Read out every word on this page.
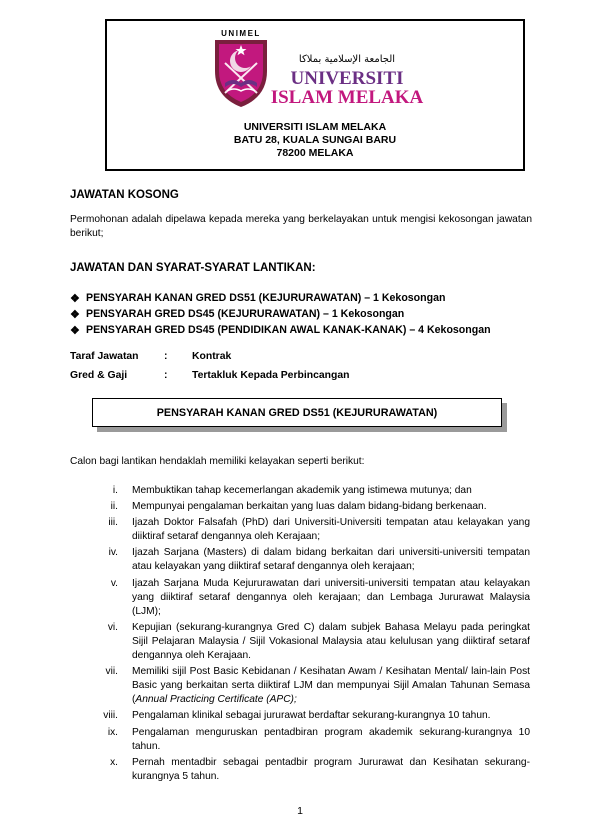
UNIMEL
الجامعة الإسلامية بملاكا
UNIVERSITI
ISLAM MELAKA
UNIVERSITI ISLAM MELAKA
BATU 28, KUALA SUNGAI BARU
78200 MELAKA
JAWATAN KOSONG
Permohonan adalah dipelawa kepada mereka yang berkelayakan untuk mengisi kekosongan jawatan berikut;
JAWATAN DAN SYARAT-SYARAT LANTIKAN:
❖ PENSYARAH KANAN GRED DS51 (KEJURURAWATAN) – 1 Kekosongan
❖ PENSYARAH GRED DS45 (KEJURURAWATAN) – 1 Kekosongan
❖ PENSYARAH GRED DS45 (PENDIDIKAN AWAL KANAK-KANAK) – 4 Kekosongan
Taraf Jawatan : Kontrak
Gred & Gaji	: Tertakluk Kepada Perbincangan
PENSYARAH KANAN GRED DS51 (KEJURURAWATAN)
Calon bagi lantikan hendaklah memiliki kelayakan seperti berikut:
i.	Membuktikan tahap kecemerlangan akademik yang istimewa mutunya; dan
ii.	Mempunyai pengalaman berkaitan yang luas dalam bidang-bidang berkenaan.
iii.	Ijazah Doktor Falsafah (PhD) dari Universiti-Universiti tempatan atau kelayakan yang diiktiraf setaraf dengannya oleh Kerajaan;
iv.	Ijazah Sarjana (Masters) di dalam bidang berkaitan dari universiti-universiti tempatan atau kelayakan yang diiktiraf setaraf dengannya oleh kerajaan;
v.	Ijazah Sarjana Muda Kejururawatan dari universiti-universiti tempatan atau kelayakan yang diiktiraf setaraf dengannya oleh kerajaan; dan Lembaga Jururawat Malaysia (LJM);
vi.	Kepujian (sekurang-kurangnya Gred C) dalam subjek Bahasa Melayu pada peringkat Sijil Pelajaran Malaysia / Sijil Vokasional Malaysia atau kelulusan yang diiktiraf setaraf dengannya oleh Kerajaan.
vii.	Memiliki sijil Post Basic Kebidanan / Kesihatan Awam / Kesihatan Mental/ lain-lain Post Basic yang berkaitan serta diiktiraf LJM dan mempunyai Sijil Amalan Tahunan Semasa (Annual Practicing Certificate (APC);
viii.	Pengalaman klinikal sebagai jururawat berdaftar sekurang-kurangnya 10 tahun.
ix.	Pengalaman menguruskan pentadbiran program akademik sekurang-kurangnya 10 tahun.
x.	Pernah mentadbir sebagai pentadbir program Jururawat dan Kesihatan sekurang-kurangnya 5 tahun.
1
